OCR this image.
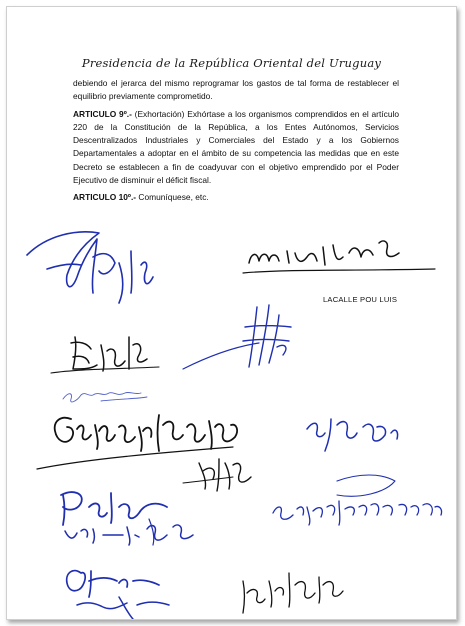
Presidencia de la República Oriental del Uruguay

debiendo el jerarca del mismo reprogramar los gastos de tal forma de restablecer el equilibrio previamente comprometido.

ARTICULO 9º.- (Exhortación) Exhórtase a los organismos comprendidos en el artículo 220 de la Constitución de la República, a los Entes Autónomos, Servicios Descentralizados Industriales y Comerciales del Estado y a los Gobiernos Departamentales a adoptar en el ámbito de su competencia las medidas que en este Decreto se establecen a fin de coadyuvar con el objetivo emprendido por el Poder Ejecutivo de disminuir el déficit fiscal.

ARTICULO 10º.- Comuníquese, etc.

LACALLE POU LUIS
